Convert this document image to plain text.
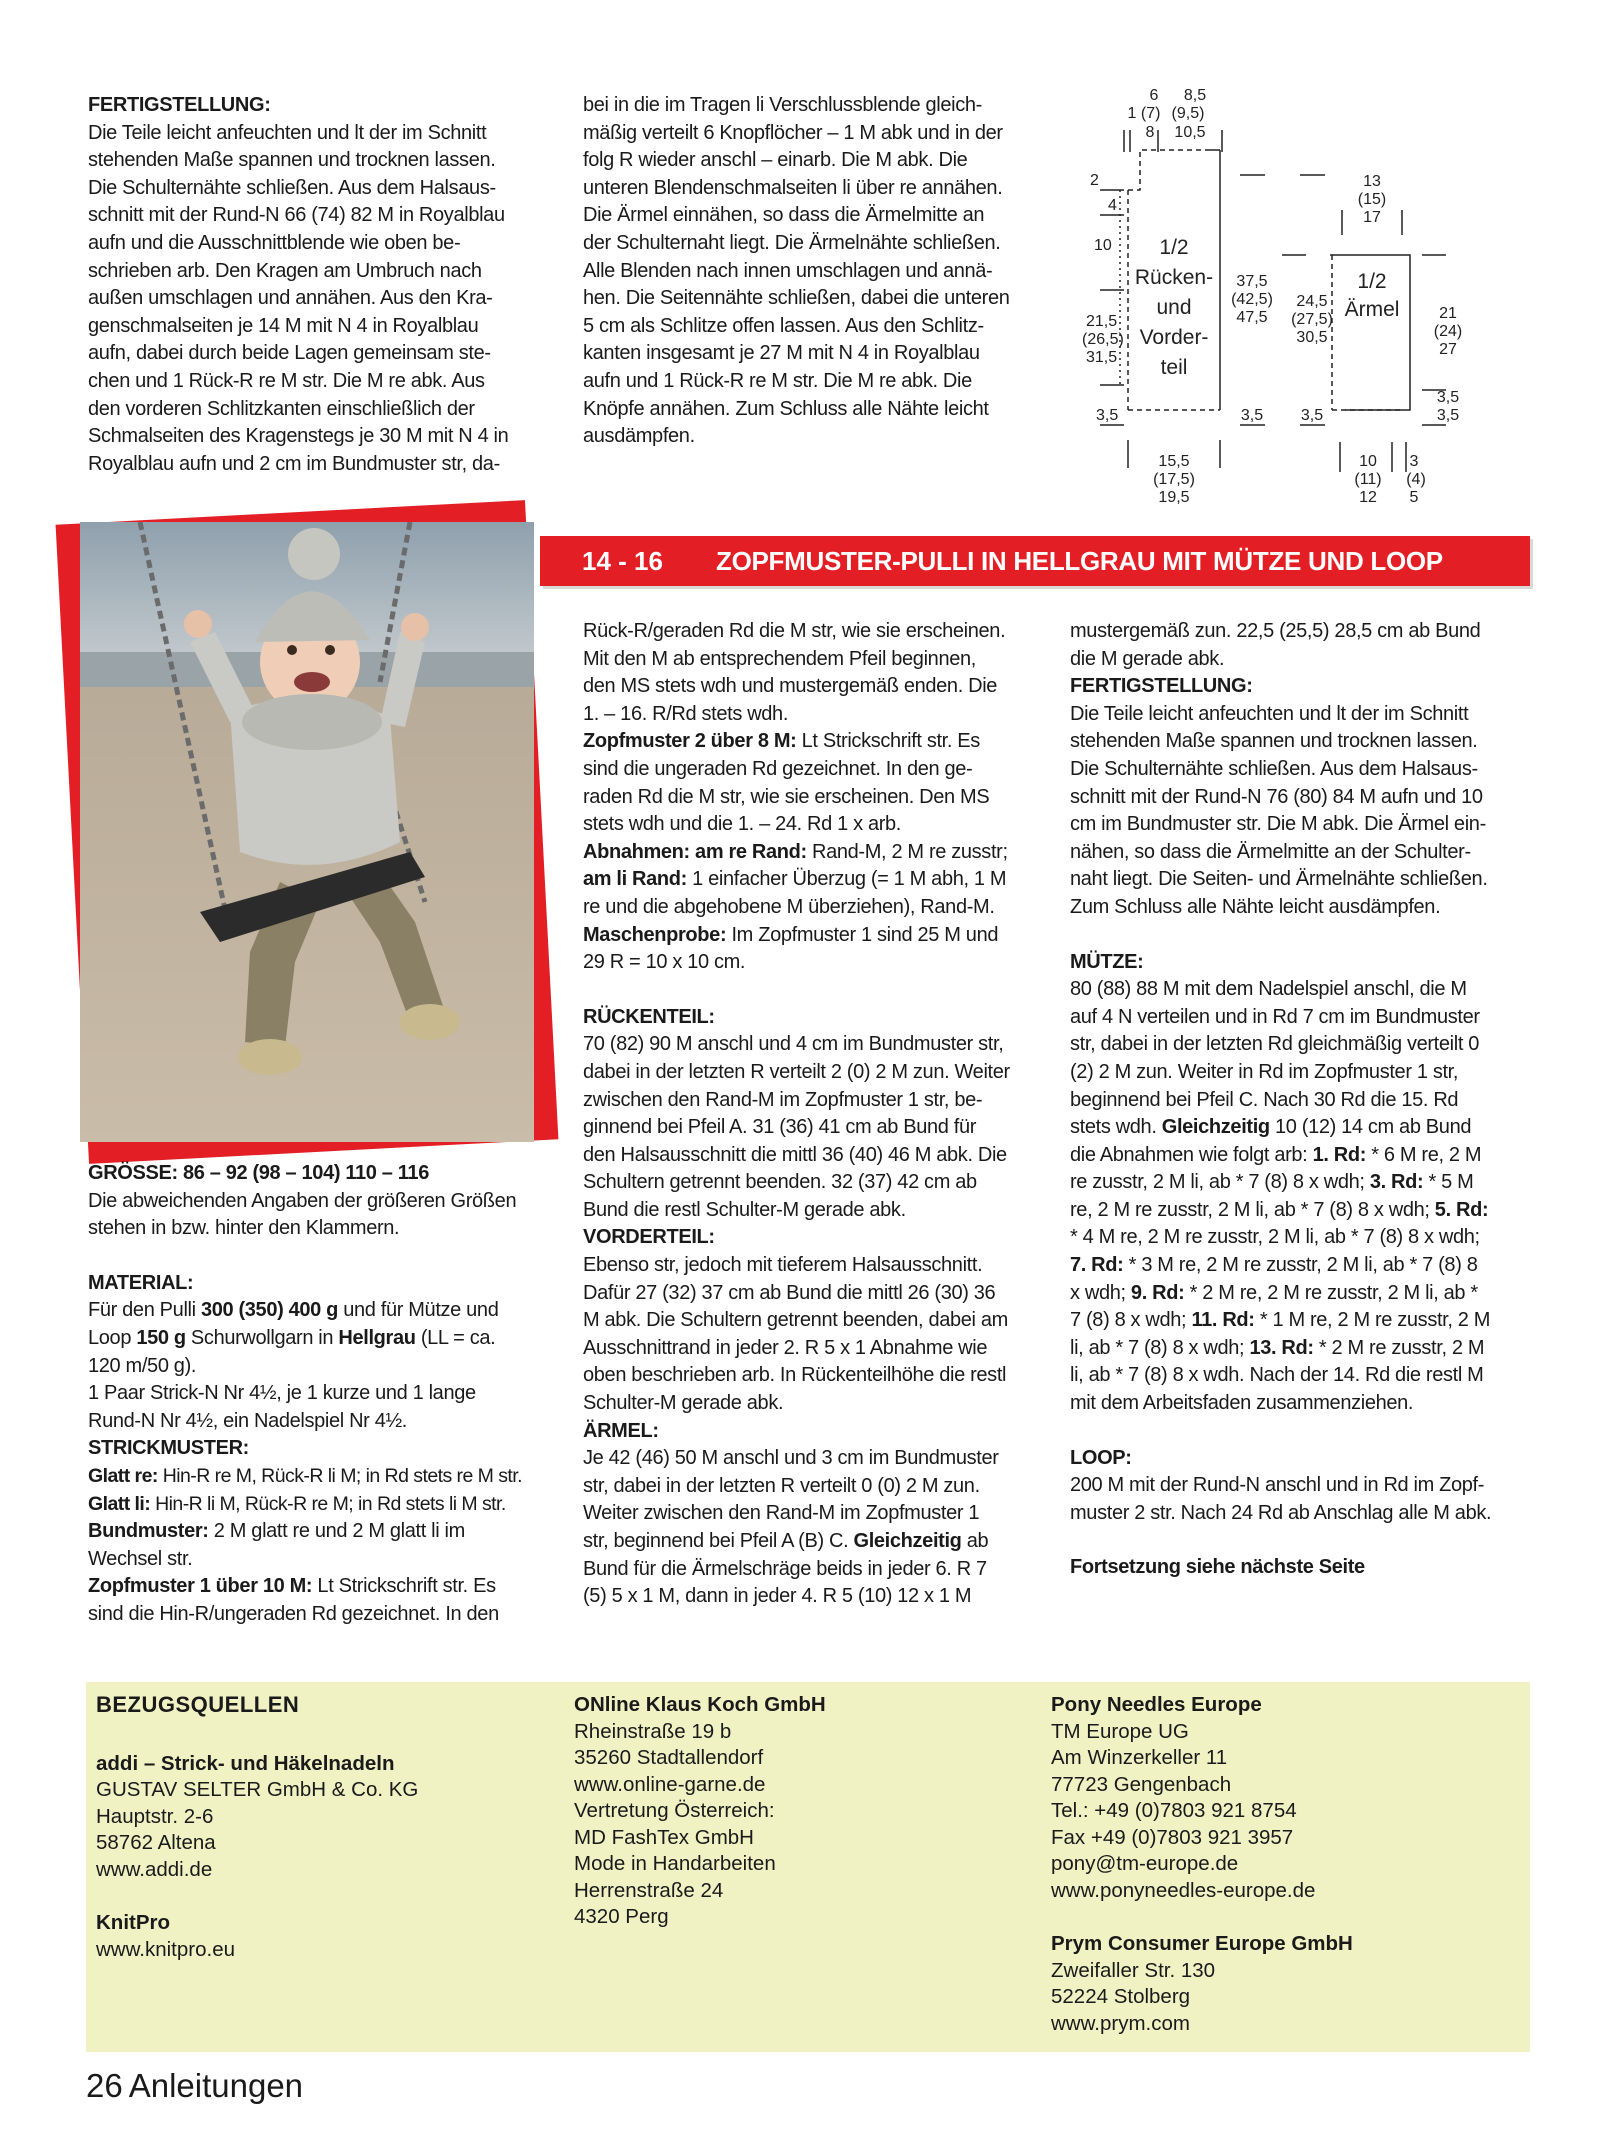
FERTIGSTELLUNG:

Die Teile leicht anfeuchten und lt der im Schnitt

stehenden Maße spannen und trocknen lassen.

Die Schulternähte schließen. Aus dem Halsaus-

schnitt mit der Rund-N 66 (74) 82 M in Royalblau

aufn und die Ausschnittblende wie oben be-

schrieben arb. Den Kragen am Umbruch nach

außen umschlagen und annähen. Aus den Kra-

genschmalseiten je 14 M mit N 4 in Royalblau

aufn, dabei durch beide Lagen gemeinsam ste-

chen und 1 Rück-R re M str. Die M re abk. Aus

den vorderen Schlitzkanten einschließlich der

Schmalseiten des Kragenstegs je 30 M mit N 4 in

Royalblau aufn und 2 cm im Bundmuster str, da-

bei in die im Tragen li Verschlussblende gleich-

mäßig verteilt 6 Knopflöcher – 1 M abk und in der

folg R wieder anschl – einarb. Die M abk. Die

unteren Blendenschmalseiten li über re annähen.

Die Ärmel einnähen, so dass die Ärmelmitte an

der Schulternaht liegt. Die Ärmelnähte schließen.

Alle Blenden nach innen umschlagen und annä-

hen. Die Seitennähte schließen, dabei die unteren

5 cm als Schlitze offen lassen. Aus den Schlitz-

kanten insgesamt je 27 M mit N 4 in Royalblau

aufn und 1 Rück-R re M str. Die M re abk. Die

Knöpfe annähen. Zum Schluss alle Nähte leicht

ausdämpfen.

6
1 (7)
8
8,5
(9,5)
10,5
2
4
10
21,5
(26,5)
31,5
3,5
1/2
Rücken-
und
Vorder-
teil
37,5
(42,5)
47,5
24,5
(27,5)
30,5
3,5 3,5
15,5
(17,5)
19,5
13
(15)
17
1/2
Ärmel 21
(24)
27
3,5
3,5
10
(11)
12
3
(4)
5
14 - 16 ZOPFMUSTER-PULLI IN HELLGRAU MIT MÜTZE UND LOOP

GRÖSSE: 86 – 92 (98 – 104) 110 – 116

Die abweichenden Angaben der größeren Größen

stehen in bzw. hinter den Klammern.

MATERIAL:

Für den Pulli 300 (350) 400 g und für Mütze und

Loop 150 g Schurwollgarn in Hellgrau (LL = ca.

120 m/50 g).

1 Paar Strick-N Nr 4½, je 1 kurze und 1 lange

Rund-N Nr 4½, ein Nadelspiel Nr 4½.

STRICKMUSTER:

Glatt re: Hin-R re M, Rück-R li M; in Rd stets re M str.

Glatt li: Hin-R li M, Rück-R re M; in Rd stets li M str.

Bundmuster: 2 M glatt re und 2 M glatt li im

Wechsel str.

Zopfmuster 1 über 10 M: Lt Strickschrift str. Es

sind die Hin-R/ungeraden Rd gezeichnet. In den

Rück-R/geraden Rd die M str, wie sie erscheinen.

Mit den M ab entsprechendem Pfeil beginnen,

den MS stets wdh und mustergemäß enden. Die

1. – 16. R/Rd stets wdh.

Zopfmuster 2 über 8 M: Lt Strickschrift str. Es

sind die ungeraden Rd gezeichnet. In den ge-

raden Rd die M str, wie sie erscheinen. Den MS

stets wdh und die 1. – 24. Rd 1 x arb.

Abnahmen: am re Rand: Rand-M, 2 M re zusstr;

am li Rand: 1 einfacher Überzug (= 1 M abh, 1 M

re und die abgehobene M überziehen), Rand-M.

Maschenprobe: Im Zopfmuster 1 sind 25 M und

29 R = 10 x 10 cm.

RÜCKENTEIL:

70 (82) 90 M anschl und 4 cm im Bundmuster str,

dabei in der letzten R verteilt 2 (0) 2 M zun. Weiter

zwischen den Rand-M im Zopfmuster 1 str, be-

ginnend bei Pfeil A. 31 (36) 41 cm ab Bund für

den Halsausschnitt die mittl 36 (40) 46 M abk. Die

Schultern getrennt beenden. 32 (37) 42 cm ab

Bund die restl Schulter-M gerade abk.

VORDERTEIL:

Ebenso str, jedoch mit tieferem Halsausschnitt.

Dafür 27 (32) 37 cm ab Bund die mittl 26 (30) 36

M abk. Die Schultern getrennt beenden, dabei am

Ausschnittrand in jeder 2. R 5 x 1 Abnahme wie

oben beschrieben arb. In Rückenteilhöhe die restl

Schulter-M gerade abk.

ÄRMEL:

Je 42 (46) 50 M anschl und 3 cm im Bundmuster

str, dabei in der letzten R verteilt 0 (0) 2 M zun.

Weiter zwischen den Rand-M im Zopfmuster 1

str, beginnend bei Pfeil A (B) C. Gleichzeitig ab

Bund für die Ärmelschräge beids in jeder 6. R 7

(5) 5 x 1 M, dann in jeder 4. R 5 (10) 12 x 1 M

mustergemäß zun. 22,5 (25,5) 28,5 cm ab Bund

die M gerade abk.

FERTIGSTELLUNG:

Die Teile leicht anfeuchten und lt der im Schnitt

stehenden Maße spannen und trocknen lassen.

Die Schulternähte schließen. Aus dem Halsaus-

schnitt mit der Rund-N 76 (80) 84 M aufn und 10

cm im Bundmuster str. Die M abk. Die Ärmel ein-

nähen, so dass die Ärmelmitte an der Schulter-

naht liegt. Die Seiten- und Ärmelnähte schließen.

Zum Schluss alle Nähte leicht ausdämpfen.

MÜTZE:

80 (88) 88 M mit dem Nadelspiel anschl, die M

auf 4 N verteilen und in Rd 7 cm im Bundmuster

str, dabei in der letzten Rd gleichmäßig verteilt 0

(2) 2 M zun. Weiter in Rd im Zopfmuster 1 str,

beginnend bei Pfeil C. Nach 30 Rd die 15. Rd

stets wdh. Gleichzeitig 10 (12) 14 cm ab Bund

die Abnahmen wie folgt arb: 1. Rd: * 6 M re, 2 M

re zusstr, 2 M li, ab * 7 (8) 8 x wdh; 3. Rd: * 5 M

re, 2 M re zusstr, 2 M li, ab * 7 (8) 8 x wdh; 5. Rd:

* 4 M re, 2 M re zusstr, 2 M li, ab * 7 (8) 8 x wdh;

7. Rd: * 3 M re, 2 M re zusstr, 2 M li, ab * 7 (8) 8

x wdh; 9. Rd: * 2 M re, 2 M re zusstr, 2 M li, ab *

7 (8) 8 x wdh; 11. Rd: * 1 M re, 2 M re zusstr, 2 M

li, ab * 7 (8) 8 x wdh; 13. Rd: * 2 M re zusstr, 2 M

li, ab * 7 (8) 8 x wdh. Nach der 14. Rd die restl M

mit dem Arbeitsfaden zusammenziehen.

LOOP:

200 M mit der Rund-N anschl und in Rd im Zopf-

muster 2 str. Nach 24 Rd ab Anschlag alle M abk.

Fortsetzung siehe nächste Seite

BEZUGSQUELLEN

addi – Strick- und Häkelnadeln

GUSTAV SELTER GmbH & Co. KG

Hauptstr. 2-6

58762 Altena

www.addi.de

KnitPro

www.knitpro.eu

ONline Klaus Koch GmbH

Rheinstraße 19 b

35260 Stadtallendorf

www.online-garne.de

Vertretung Österreich:

MD FashTex GmbH

Mode in Handarbeiten

Herrenstraße 24

4320 Perg

Pony Needles Europe

TM Europe UG

Am Winzerkeller 11

77723 Gengenbach

Tel.: +49 (0)7803 921 8754

Fax +49 (0)7803 921 3957

pony@tm-europe.de

www.ponyneedles-europe.de

Prym Consumer Europe GmbH

Zweifaller Str. 130

52224 Stolberg

www.prym.com

26 Anleitungen
